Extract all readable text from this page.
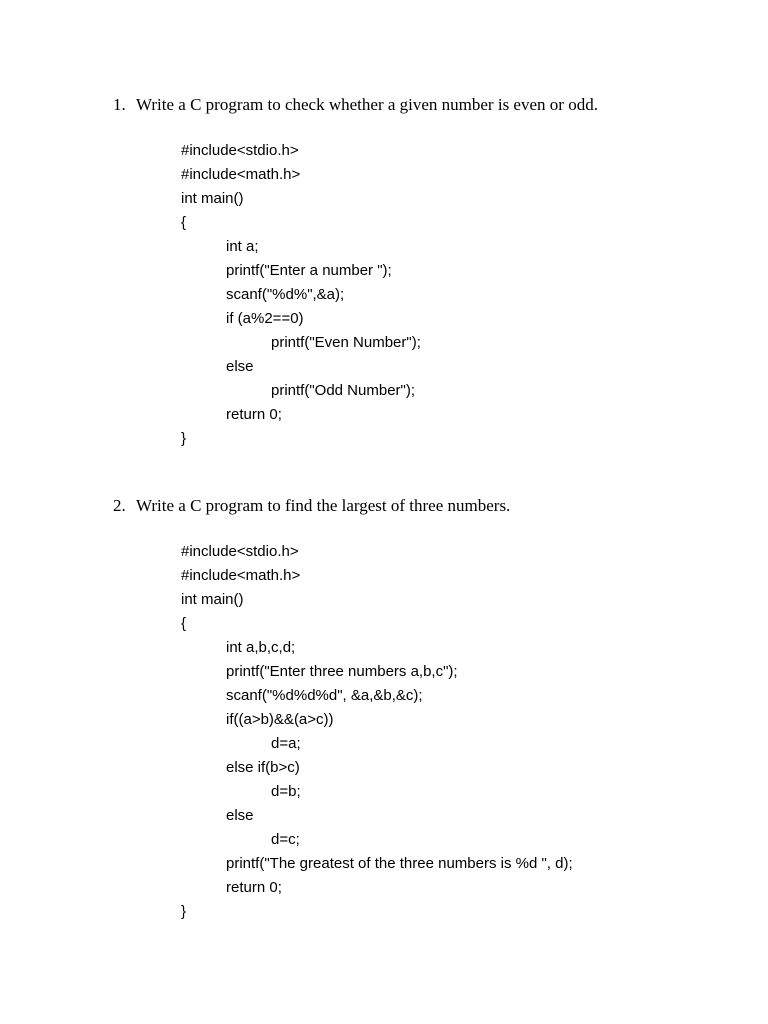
1. Write a C program to check whether a given number is even or odd.
#include<stdio.h>
#include<math.h>
int main()
{
int a;
printf("Enter a number ");
scanf("%d%",&a);
if (a%2==0)
printf("Even Number");
else
printf("Odd Number");
return 0;
}
2. Write a C program to find the largest of three numbers.
#include<stdio.h>
#include<math.h>
int main()
{
int a,b,c,d;
printf("Enter three numbers a,b,c");
scanf("%d%d%d", &a,&b,&c);
if((a>b)&&(a>c))
d=a;
else if(b>c)
d=b;
else
d=c;
printf("The greatest of the three numbers is %d ", d);
return 0;
}
